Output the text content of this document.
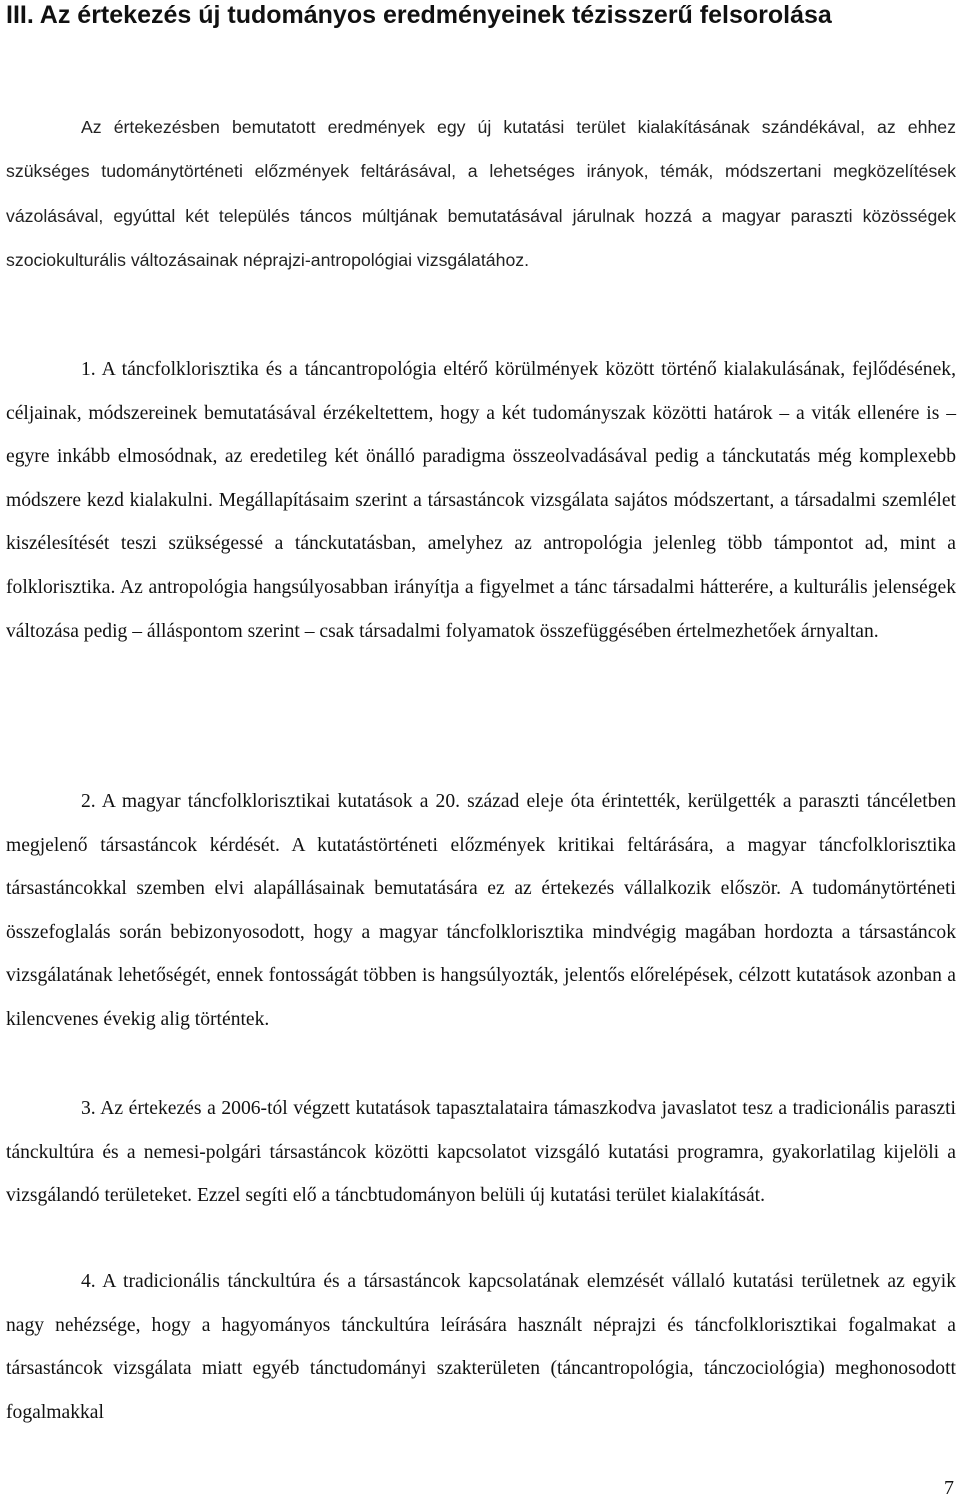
III. Az értekezés új tudományos eredményeinek tézisszerű felsorolása

Az értekezésben bemutatott eredmények egy új kutatási terület kialakításának szándékával, az ehhez szükséges tudománytörténeti előzmények feltárásával, a lehetséges irányok, témák, módszertani megközelítések vázolásával, egyúttal két település táncos múltjának bemutatásával járulnak hozzá a magyar paraszti közösségek szociokulturális változásainak néprajzi-antropológiai vizsgálatához.

1. A táncfolklorisztika és a táncantropológia eltérő körülmények között történő kialakulásának, fejlődésének, céljainak, módszereinek bemutatásával érzékeltettem, hogy a két tudományszak közötti határok – a viták ellenére is – egyre inkább elmosódnak, az eredetileg két önálló paradigma összeolvadásával pedig a tánckutatás még komplexebb módszere kezd kialakulni. Megállapításaim szerint a társastáncok vizsgálata sajátos módszertant, a társadalmi szemlélet kiszélesítését teszi szükségessé a tánckutatásban, amelyhez az antropológia jelenleg több támpontot ad, mint a folklorisztika. Az antropológia hangsúlyosabban irányítja a figyelmet a tánc társadalmi hátterére, a kulturális jelenségek változása pedig – álláspontom szerint – csak társadalmi folyamatok összefüggésében értelmezhetőek árnyaltan.

2. A magyar táncfolklorisztikai kutatások a 20. század eleje óta érintették, kerülgették a paraszti táncéletben megjelenő társastáncok kérdését. A kutatástörténeti előzmények kritikai feltárására, a magyar táncfolklorisztika társastáncokkal szemben elvi alapállásainak bemutatására ez az értekezés vállalkozik először. A tudománytörténeti összefoglalás során bebizonyosodott, hogy a magyar táncfolklorisztika mindvégig magában hordozta a társastáncok vizsgálatának lehetőségét, ennek fontosságát többen is hangsúlyozták, jelentős előrelépések, célzott kutatások azonban a kilencvenes évekig alig történtek.

3. Az értekezés a 2006-tól végzett kutatások tapasztalataira támaszkodva javaslatot tesz a tradicionális paraszti tánckultúra és a nemesi-polgári társastáncok közötti kapcsolatot vizsgáló kutatási programra, gyakorlatilag kijelöli a vizsgálandó területeket. Ezzel segíti elő a táncbtudományon belüli új kutatási terület kialakítását.

4. A tradicionális tánckultúra és a társastáncok kapcsolatának elemzését vállaló kutatási területnek az egyik nagy nehézsége, hogy a hagyományos tánckultúra leírására használt néprajzi és táncfolklorisztikai fogalmakat a társastáncok vizsgálata miatt egyéb tánctudományi szakterületen (táncantropológia, tánczociológia) meghonosodott fogalmakkal

7
